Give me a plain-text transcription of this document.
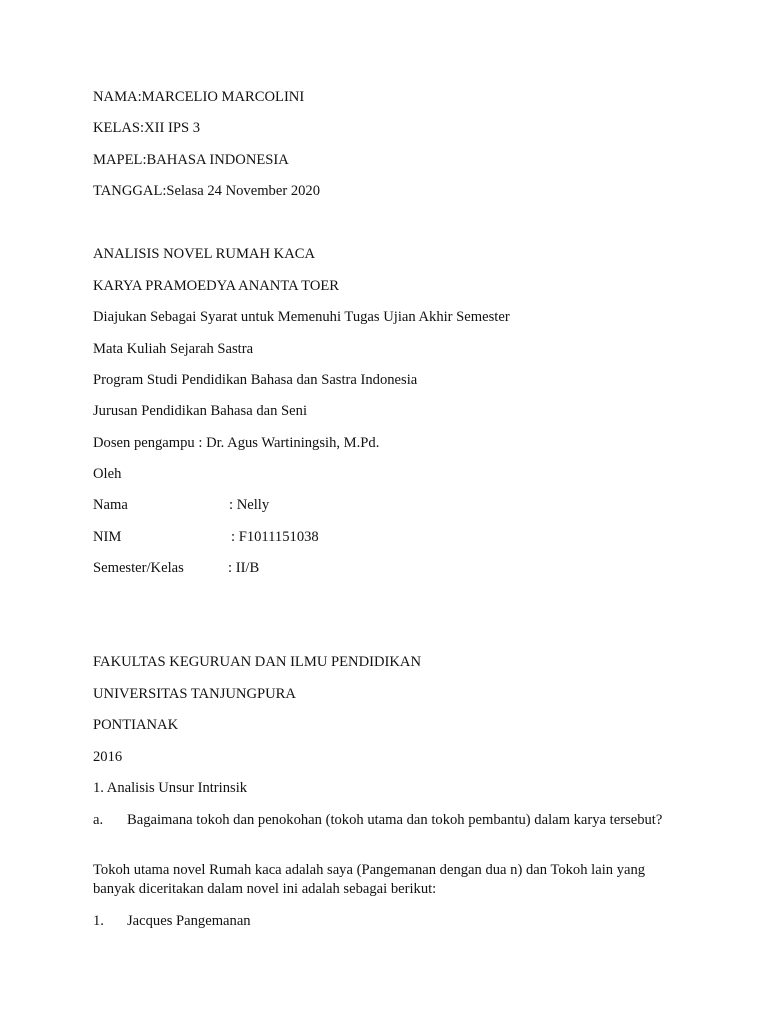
NAMA:MARCELIO MARCOLINI
KELAS:XII IPS 3
MAPEL:BAHASA INDONESIA
TANGGAL:Selasa 24 November 2020
ANALISIS NOVEL RUMAH KACA
KARYA PRAMOEDYA ANANTA TOER
Diajukan Sebagai Syarat untuk Memenuhi Tugas Ujian Akhir Semester
Mata Kuliah Sejarah Sastra
Program Studi Pendidikan Bahasa dan Sastra Indonesia
Jurusan Pendidikan Bahasa dan Seni
Dosen pengampu : Dr. Agus Wartiningsih, M.Pd.
Oleh
Nama	: Nelly
NIM	: F1011151038
Semester/Kelas	: II/B
FAKULTAS KEGURUAN DAN ILMU PENDIDIKAN
UNIVERSITAS TANJUNGPURA
PONTIANAK
2016
1. Analisis Unsur Intrinsik
a. Bagaimana tokoh dan penokohan (tokoh utama dan tokoh pembantu) dalam karya tersebut?
Tokoh utama novel Rumah kaca adalah saya (Pangemanan dengan dua n) dan Tokoh lain yang banyak diceritakan dalam novel ini adalah sebagai berikut:
1. Jacques Pangemanan
